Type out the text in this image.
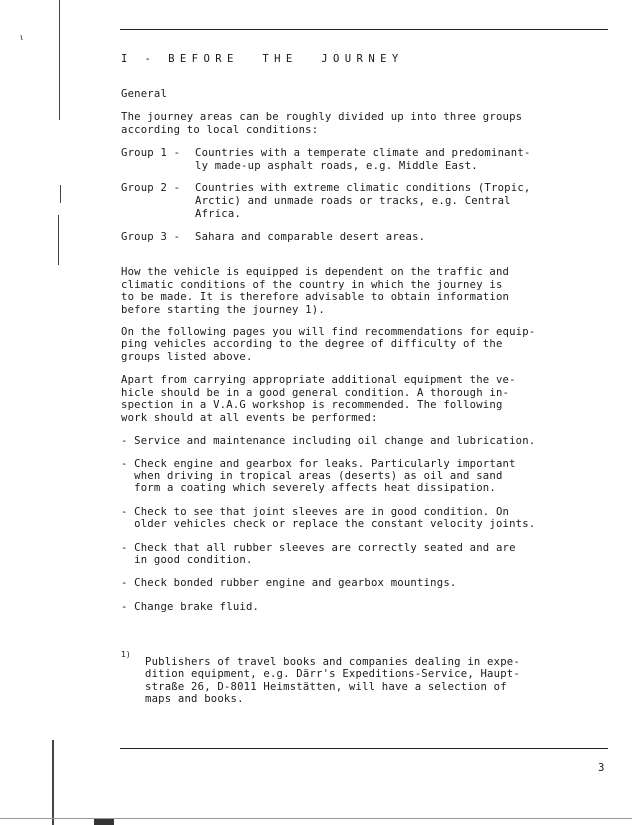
ι
I - BEFORE  THE  JOURNEY
General
The journey areas can be roughly divided up into three groups
according to local conditions:
Group 1 - Countries with a temperate climate and predominant-
ly made-up asphalt roads, e.g. Middle East.
Group 2 - Countries with extreme climatic conditions (Tropic,
Arctic) and unmade roads or tracks, e.g. Central
Africa.
Group 3 - Sahara and comparable desert areas.
How the vehicle is equipped is dependent on the traffic and
climatic conditions of the country in which the journey is
to be made. It is therefore advisable to obtain information
before starting the journey 1).
On the following pages you will find recommendations for equip-
ping vehicles according to the degree of difficulty of the
groups listed above.
Apart from carrying appropriate additional equipment the ve-
hicle should be in a good general condition. A thorough in-
spection in a V.A.G workshop is recommended. The following
work should at all events be performed:
- Service and maintenance including oil change and lubrication.
- Check engine and gearbox for leaks. Particularly important
when driving in tropical areas (deserts) as oil and sand
form a coating which severely affects heat dissipation.
- Check to see that joint sleeves are in good condition. On
older vehicles check or replace the constant velocity joints.
- Check that all rubber sleeves are correctly seated and are
in good condition.
- Check bonded rubber engine and gearbox mountings.
- Change brake fluid.
1)
Publishers of travel books and companies dealing in expe-
dition equipment, e.g. Därr's Expeditions-Service, Haupt-
straße 26, D-8011 Heimstätten, will have a selection of
maps and books.
3
